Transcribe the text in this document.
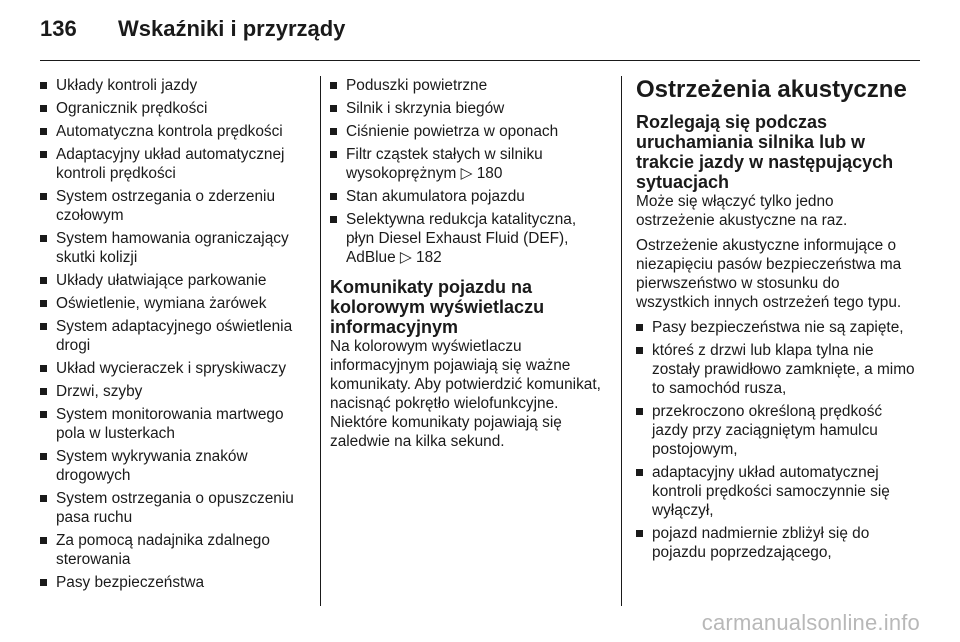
136	Wskaźniki i przyrządy
Układy kontroli jazdy
Ogranicznik prędkości
Automatyczna kontrola prędkości
Adaptacyjny układ automatycznej kontroli prędkości
System ostrzegania o zderzeniu czołowym
System hamowania ograniczający skutki kolizji
Układy ułatwiające parkowanie
Oświetlenie, wymiana żarówek
System adaptacyjnego oświetlenia drogi
Układ wycieraczek i spryskiwaczy
Drzwi, szyby
System monitorowania martwego pola w lusterkach
System wykrywania znaków drogowych
System ostrzegania o opuszczeniu pasa ruchu
Za pomocą nadajnika zdalnego sterowania
Pasy bezpieczeństwa
Poduszki powietrzne
Silnik i skrzynia biegów
Ciśnienie powietrza w oponach
Filtr cząstek stałych w silniku wysokoprężnym ▷ 180
Stan akumulatora pojazdu
Selektywna redukcja katalityczna, płyn Diesel Exhaust Fluid (DEF), AdBlue ▷ 182
Komunikaty pojazdu na kolorowym wyświetlaczu informacyjnym

Na kolorowym wyświetlaczu informacyjnym pojawiają się ważne komunikaty. Aby potwierdzić komunikat, nacisnąć pokrętło wielofunkcyjne. Niektóre komunikaty pojawiają się zaledwie na kilka sekund.

Ostrzeżenia akustyczne
Rozlegają się podczas uruchamiania silnika lub w trakcie jazdy w następujących sytuacjach

Może się włączyć tylko jedno ostrzeżenie akustyczne na raz.

Ostrzeżenie akustyczne informujące o niezapięciu pasów bezpieczeństwa ma pierwszeństwo w stosunku do wszystkich innych ostrzeżeń tego typu.

Pasy bezpieczeństwa nie są zapięte,
któreś z drzwi lub klapa tylna nie zostały prawidłowo zamknięte, a mimo to samochód rusza,
przekroczono określoną prędkość jazdy przy zaciągniętym hamulcu postojowym,
adaptacyjny układ automatycznej kontroli prędkości samoczynnie się wyłączył,
pojazd nadmiernie zbliżył się do pojazdu poprzedzającego,
carmanualsonline.info
